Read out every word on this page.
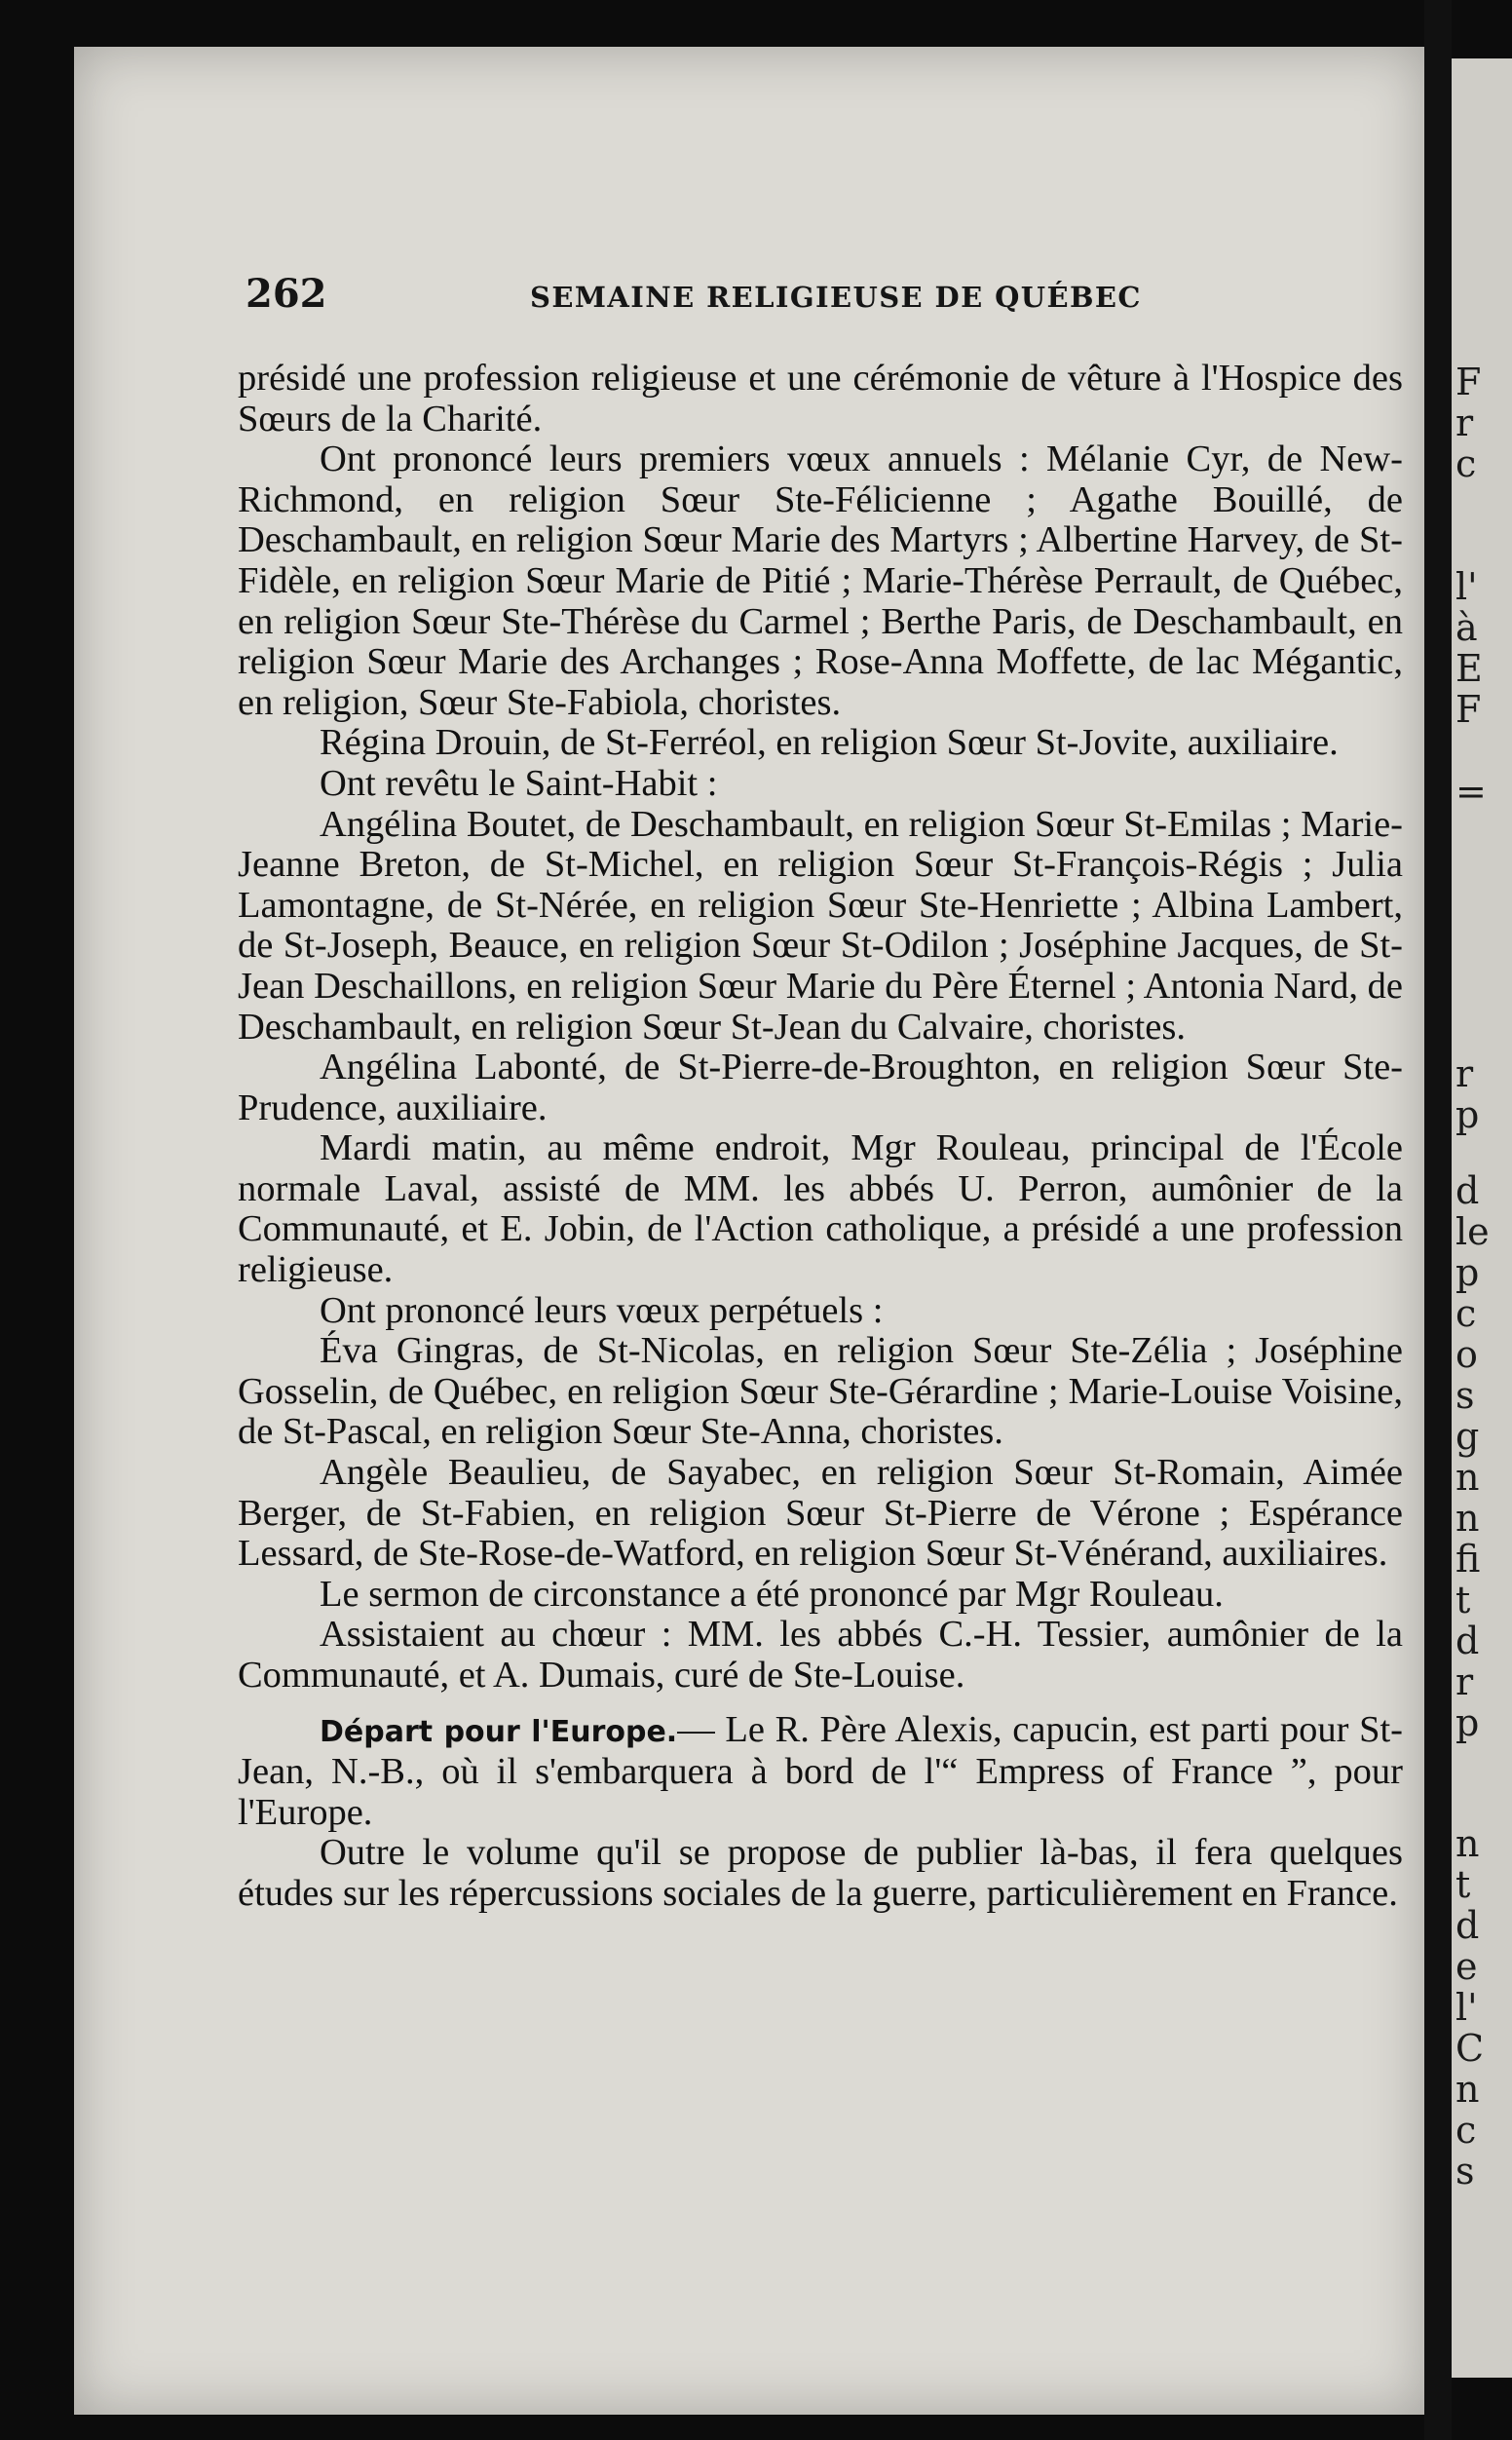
F
r
c
l'
à
E
F
=
r
p
d
le
p
c
o
s
g
n
n
fi
t
d
r
p
n
t
d
e
l'
C
n
c
s
262	SEMAINE RELIGIEUSE DE QUÉBEC

présidé une profession religieuse et une cérémonie de vêture à l'Hospice des Sœurs de la Charité.

Ont prononcé leurs premiers vœux annuels : Mélanie Cyr, de New-Richmond, en religion Sœur Ste-Félicienne ; Agathe Bouillé, de Deschambault, en religion Sœur Marie des Martyrs ; Albertine Harvey, de St-Fidèle, en religion Sœur Marie de Pitié ; Marie-Thérèse Perrault, de Québec, en religion Sœur Ste-Thérèse du Carmel ; Berthe Paris, de Deschambault, en religion Sœur Marie des Archanges ; Rose-Anna Moffette, de lac Mégantic, en religion, Sœur Ste-Fabiola, choristes.

Régina Drouin, de St-Ferréol, en religion Sœur St-Jovite, auxiliaire.

Ont revêtu le Saint-Habit :

Angélina Boutet, de Deschambault, en religion Sœur St-Emilas ; Marie-Jeanne Breton, de St-Michel, en religion Sœur St-François-Régis ; Julia Lamontagne, de St-Nérée, en religion Sœur Ste-Henriette ; Albina Lambert, de St-Joseph, Beauce, en religion Sœur St-Odilon ; Joséphine Jacques, de St-Jean Deschaillons, en religion Sœur Marie du Père Éternel ; Antonia Nard, de Deschambault, en religion Sœur St-Jean du Calvaire, choristes.

Angélina Labonté, de St-Pierre-de-Broughton, en religion Sœur Ste-Prudence, auxiliaire.

Mardi matin, au même endroit, Mgr Rouleau, principal de l'École normale Laval, assisté de MM. les abbés U. Perron, aumônier de la Communauté, et E. Jobin, de l'Action catholique, a présidé a une profession religieuse.

Ont prononcé leurs vœux perpétuels :

Éva Gingras, de St-Nicolas, en religion Sœur Ste-Zélia ; Joséphine Gosselin, de Québec, en religion Sœur Ste-Gérardine ; Marie-Louise Voisine, de St-Pascal, en religion Sœur Ste-Anna, choristes.

Angèle Beaulieu, de Sayabec, en religion Sœur St-Romain, Aimée Berger, de St-Fabien, en religion Sœur St-Pierre de Vérone ; Espérance Lessard, de Ste-Rose-de-Watford, en religion Sœur St-Vénérand, auxiliaires.

Le sermon de circonstance a été prononcé par Mgr Rouleau.

Assistaient au chœur : MM. les abbés C.-H. Tessier, aumônier de la Communauté, et A. Dumais, curé de Ste-Louise.

Départ pour l'Europe.— Le R. Père Alexis, capucin, est parti pour St-Jean, N.-B., où il s'embarquera à bord de l'“ Empress of France ”, pour l'Europe.

Outre le volume qu'il se propose de publier là-bas, il fera quelques études sur les répercussions sociales de la guerre, particulièrement en France.
